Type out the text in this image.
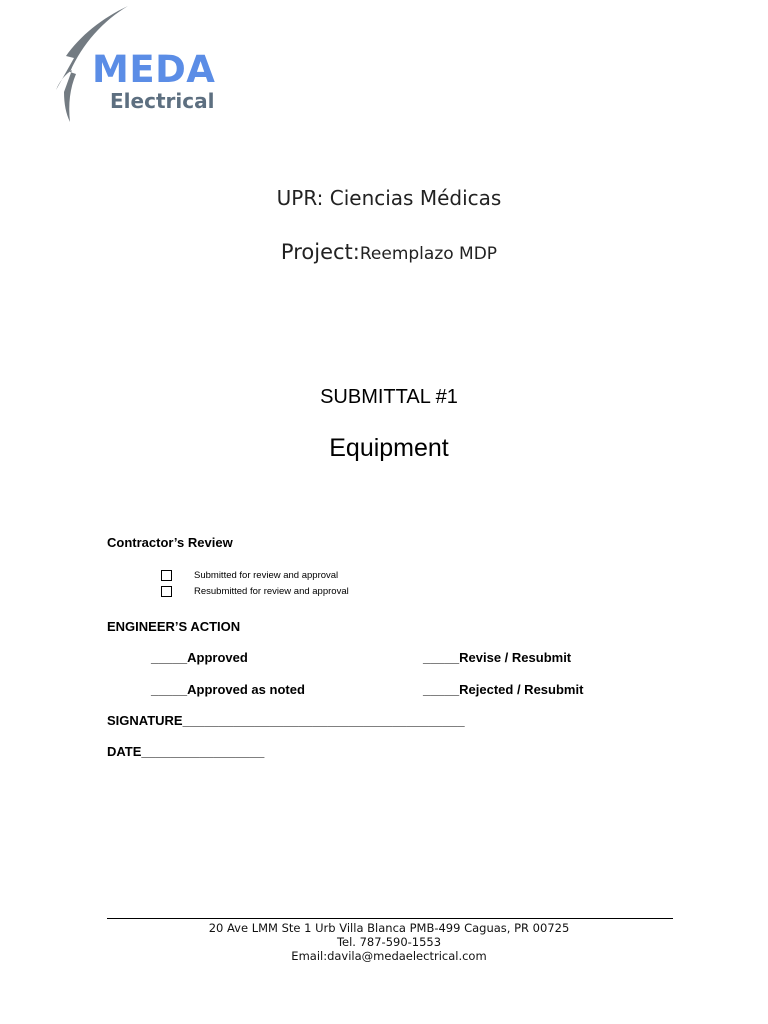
MEDA
Electrical
UPR: Ciencias Médicas
Project:Reemplazo MDP
SUBMITTAL #1
Equipment
Contractor’s Review
Submitted for review and approval
Resubmitted for review and approval
ENGINEER’S ACTION
_____Approved	_____Revise / Resubmit
_____Approved as noted	_____Rejected / Resubmit
SIGNATURE_______________________________________
DATE_________________
20 Ave LMM Ste 1 Urb Villa Blanca PMB-499 Caguas, PR 00725
Tel. 787-590-1553
Email:davila@medaelectrical.com
